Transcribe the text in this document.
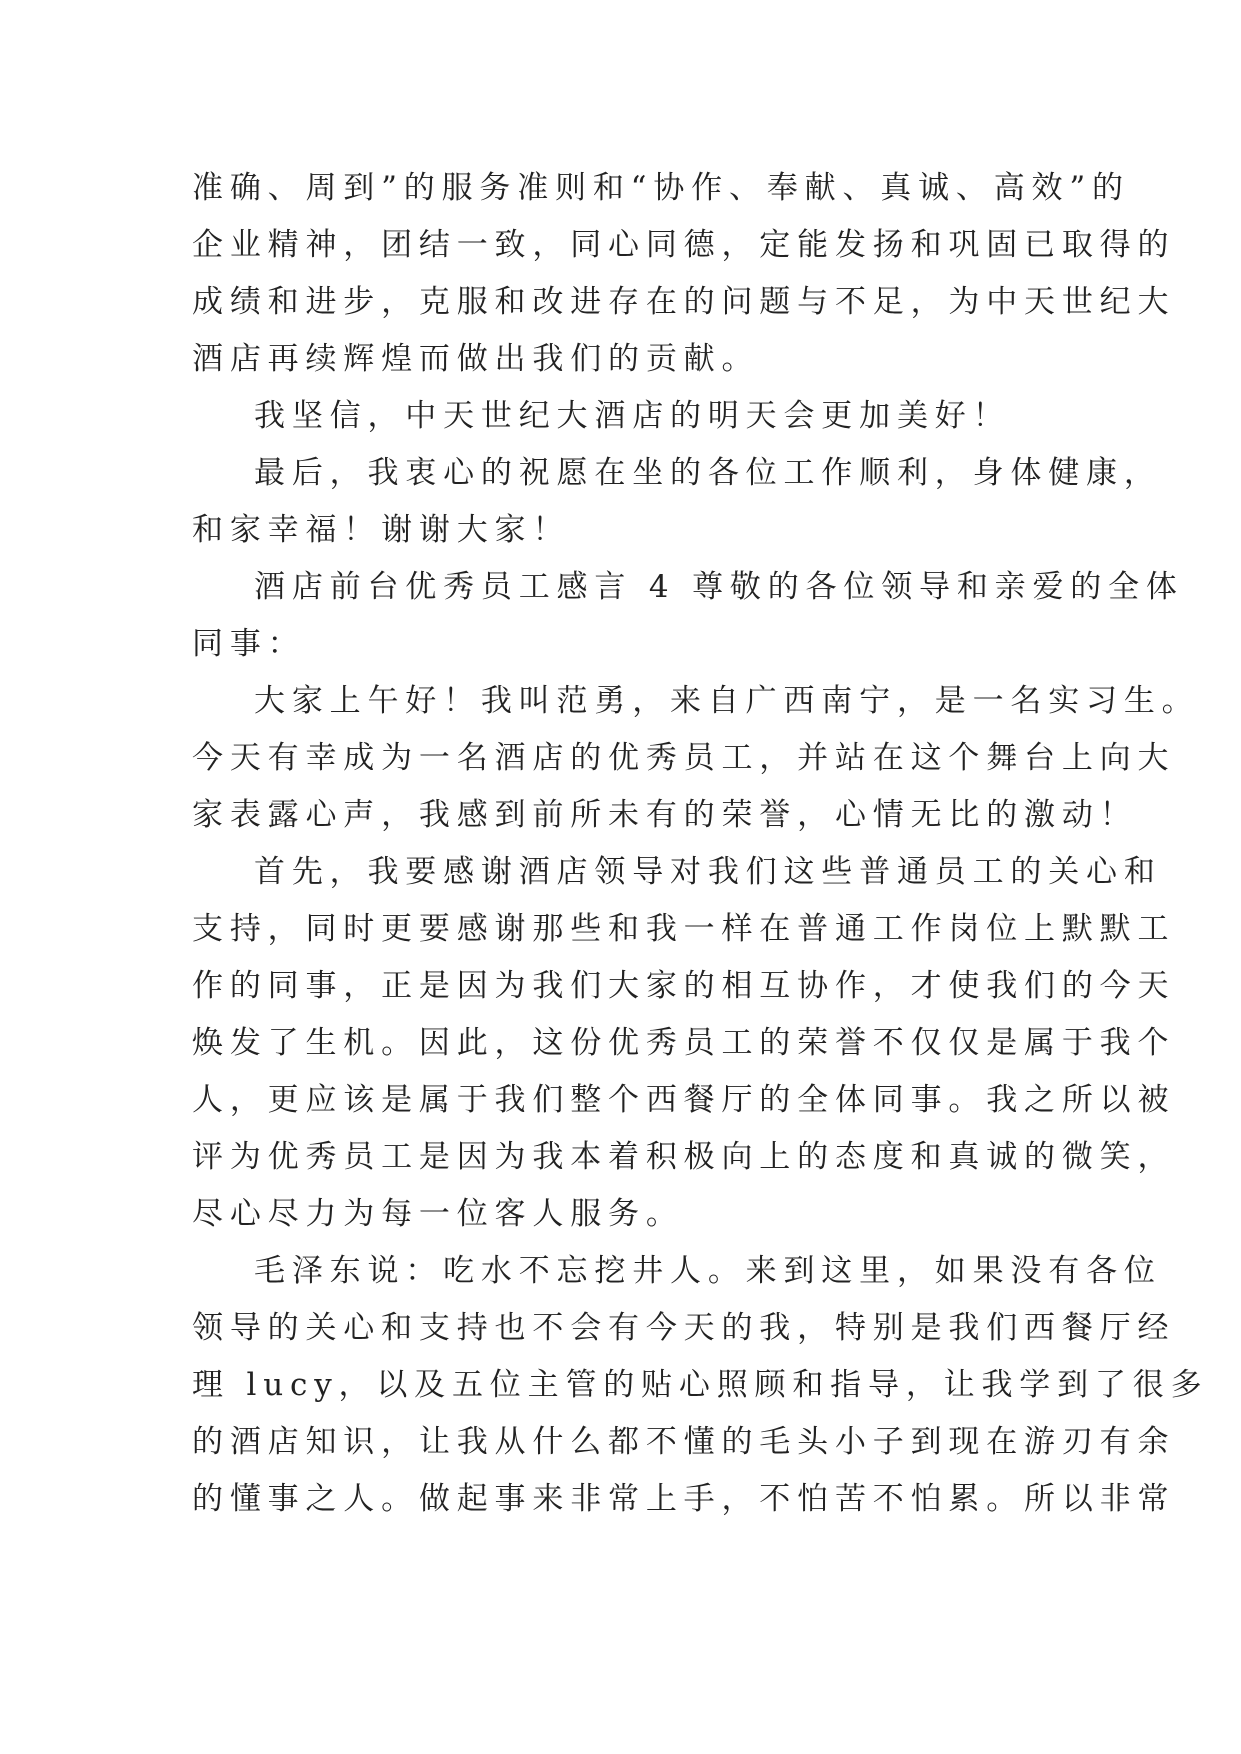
准确、周到”的服务准则和“协作、奉献、真诚、高效”的
企业精神，团结一致，同心同德，定能发扬和巩固已取得的
成绩和进步，克服和改进存在的问题与不足，为中天世纪大
酒店再续辉煌而做出我们的贡献。
我坚信，中天世纪大酒店的明天会更加美好！
最后，我衷心的祝愿在坐的各位工作顺利，身体健康，
和家幸福！谢谢大家！
酒店前台优秀员工感言 4 尊敬的各位领导和亲爱的全体
同事：
大家上午好！我叫范勇，来自广西南宁，是一名实习生。
今天有幸成为一名酒店的优秀员工，并站在这个舞台上向大
家表露心声，我感到前所未有的荣誉，心情无比的激动！
首先，我要感谢酒店领导对我们这些普通员工的关心和
支持，同时更要感谢那些和我一样在普通工作岗位上默默工
作的同事，正是因为我们大家的相互协作，才使我们的今天
焕发了生机。因此，这份优秀员工的荣誉不仅仅是属于我个
人，更应该是属于我们整个西餐厅的全体同事。我之所以被
评为优秀员工是因为我本着积极向上的态度和真诚的微笑，
尽心尽力为每一位客人服务。
毛泽东说：吃水不忘挖井人。来到这里，如果没有各位
领导的关心和支持也不会有今天的我，特别是我们西餐厅经
理 lucy，以及五位主管的贴心照顾和指导，让我学到了很多
的酒店知识，让我从什么都不懂的毛头小子到现在游刃有余
的懂事之人。做起事来非常上手，不怕苦不怕累。所以非常
